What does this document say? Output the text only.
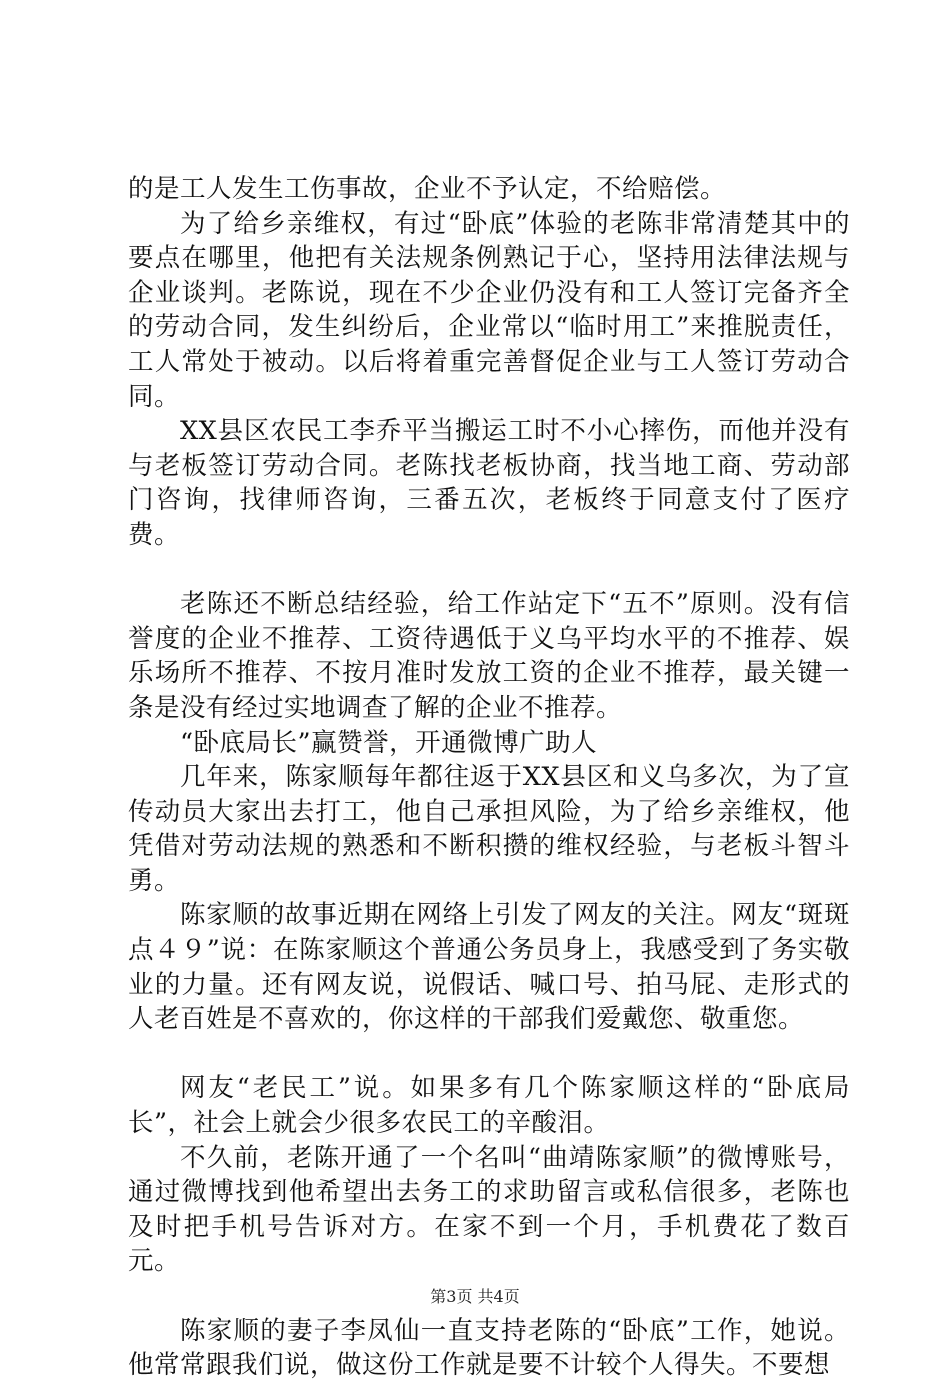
的是工人发生工伤事故，企业不予认定，不给赔偿。

为了给乡亲维权，有过“卧底”体验的老陈非常清楚其中的要点在哪里，他把有关法规条例熟记于心，坚持用法律法规与企业谈判。老陈说，现在不少企业仍没有和工人签订完备齐全的劳动合同，发生纠纷后，企业常以“临时用工”来推脱责任，工人常处于被动。以后将着重完善督促企业与工人签订劳动合同。

XX县区农民工李乔平当搬运工时不小心摔伤，而他并没有与老板签订劳动合同。老陈找老板协商，找当地工商、劳动部门咨询，找律师咨询，三番五次，老板终于同意支付了医疗费。

老陈还不断总结经验，给工作站定下“五不”原则。没有信誉度的企业不推荐、工资待遇低于义乌平均水平的不推荐、娱乐场所不推荐、不按月准时发放工资的企业不推荐，最关键一条是没有经过实地调查了解的企业不推荐。

“卧底局长”赢赞誉，开通微博广助人

几年来，陈家顺每年都往返于XX县区和义乌多次，为了宣传动员大家出去打工，他自己承担风险，为了给乡亲维权，他凭借对劳动法规的熟悉和不断积攒的维权经验，与老板斗智斗勇。

陈家顺的故事近期在网络上引发了网友的关注。网友“斑斑点４９”说：在陈家顺这个普通公务员身上，我感受到了务实敬业的力量。还有网友说，说假话、喊口号、拍马屁、走形式的人老百姓是不喜欢的，你这样的干部我们爱戴您、敬重您。

网友“老民工”说。如果多有几个陈家顺这样的“卧底局长”，社会上就会少很多农民工的辛酸泪。

不久前，老陈开通了一个名叫“曲靖陈家顺”的微博账号，通过微博找到他希望出去务工的求助留言或私信很多，老陈也及时把手机号告诉对方。在家不到一个月，手机费花了数百元。

陈家顺的妻子李凤仙一直支持老陈的“卧底”工作，她说。他常常跟我们说，做这份工作就是要不计较个人得失。不要想

第3页 共4页
